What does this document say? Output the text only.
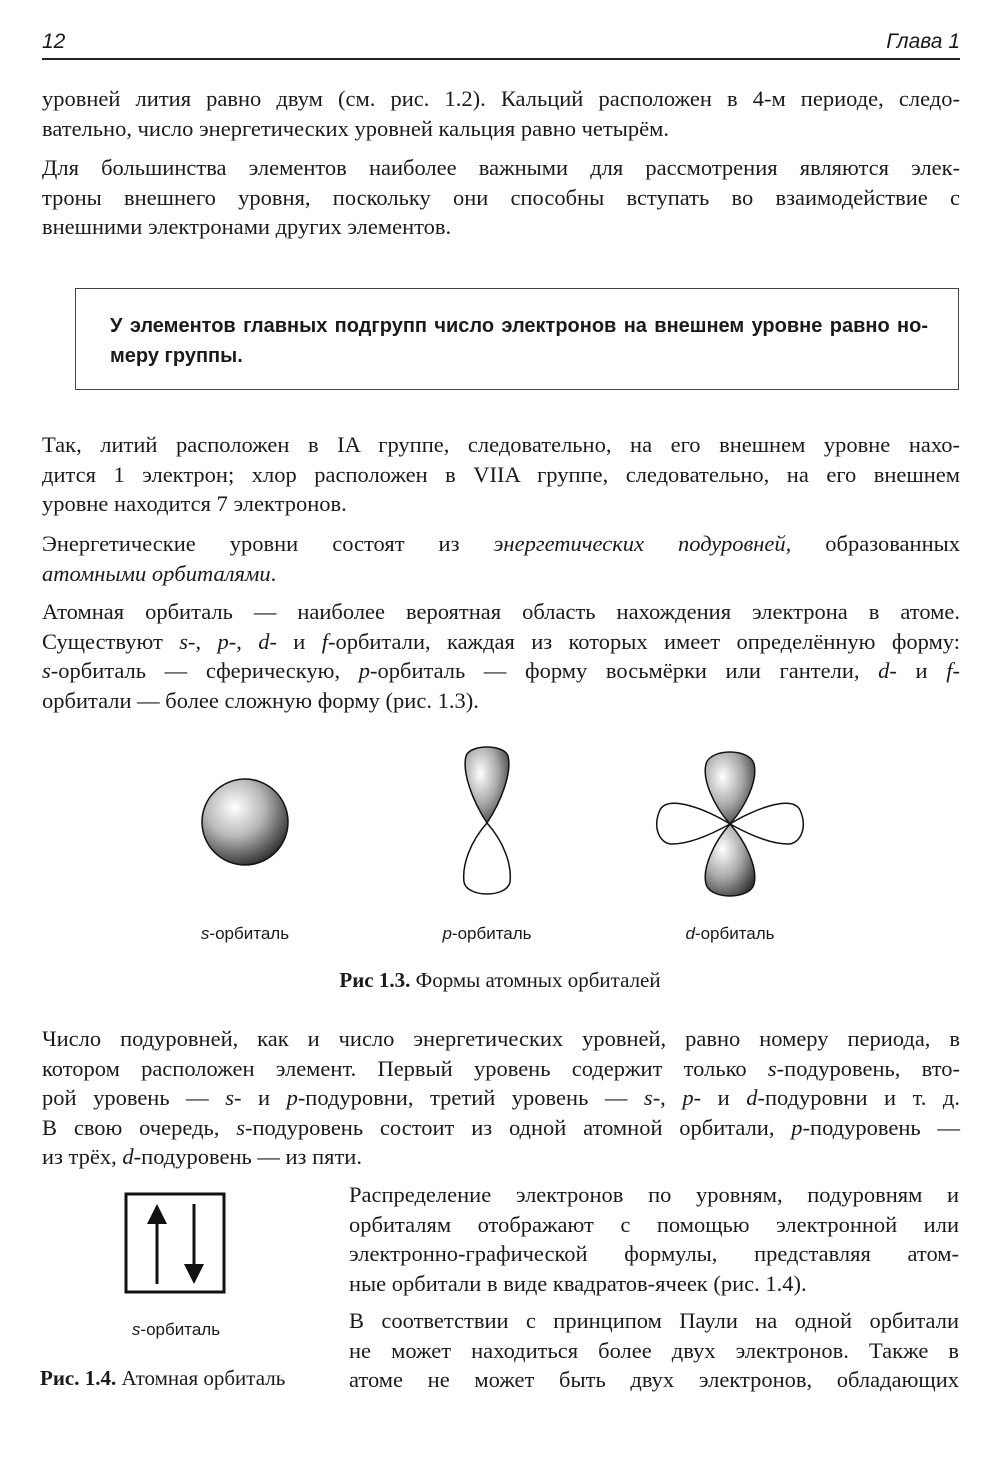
12	Глава 1
уровней лития равно двум (см. рис. 1.2). Кальций расположен в 4-м периоде, следо-
вательно, число энергетических уровней кальция равно четырём.
Для большинства элементов наиболее важными для рассмотрения являются элек-
троны внешнего уровня, поскольку они способны вступать во взаимодействие с
внешними электронами других элементов.
У элементов главных подгрупп число электронов на внешнем уровне равно но-
меру группы.
Так, литий расположен в IA группе, следовательно, на его внешнем уровне нахо-
дится 1 электрон; хлор расположен в VIIA группе, следовательно, на его внешнем
уровне находится 7 электронов.
Энергетические уровни состоят из энергетических подуровней, образованных
атомными орбиталями.
Атомная орбиталь — наиболее вероятная область нахождения электрона в атоме.
Существуют s-, p-, d- и f-орбитали, каждая из которых имеет определённую форму:
s-орбиталь — сферическую, p-орбиталь — форму восьмёрки или гантели, d- и f-
орбитали — более сложную форму (рис. 1.3).
s-орбиталь	p-орбиталь	d-орбиталь
Рис 1.3. Формы атомных орбиталей
Число подуровней, как и число энергетических уровней, равно номеру периода, в
котором расположен элемент. Первый уровень содержит только s-подуровень, вто-
рой уровень — s- и p-подуровни, третий уровень — s-, p- и d-подуровни и т. д.
В свою очередь, s-подуровень состоит из одной атомной орбитали, p-подуровень —
из трёх, d-подуровень — из пяти.
s-орбиталь
Рис. 1.4. Атомная орбиталь
Распределение электронов по уровням, подуровням и
орбиталям отображают с помощью электронной или
электронно-графической формулы, представляя атом-
ные орбитали в виде квадратов-ячеек (рис. 1.4).
В соответствии с принципом Паули на одной орбитали
не может находиться более двух электронов. Также в
атоме не может быть двух электронов, обладающих
